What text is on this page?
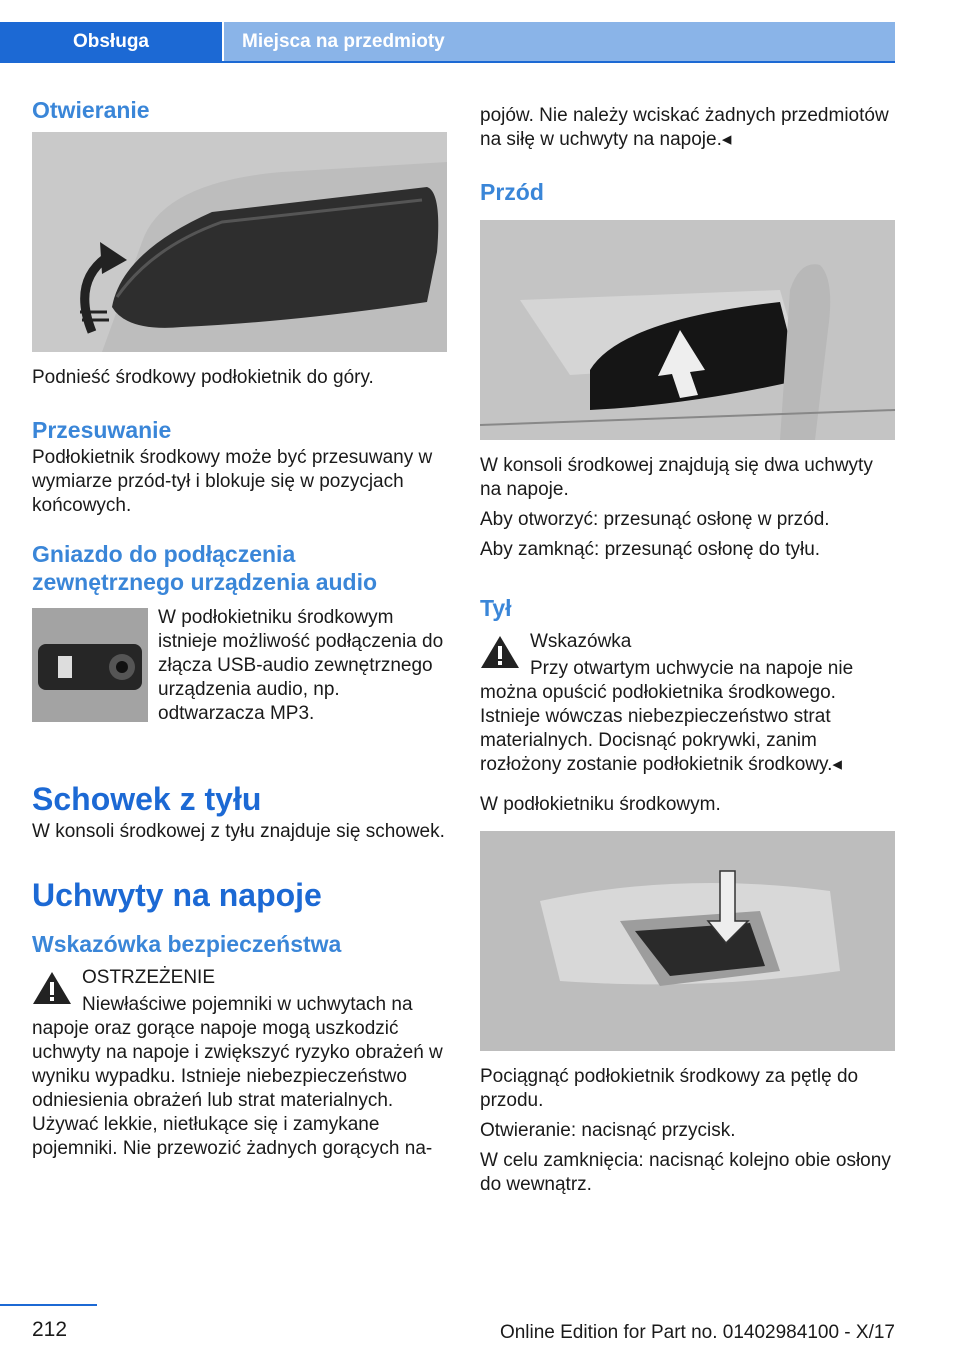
Obsługa	Miejsca na przedmioty
Otwieranie

Podnieść środkowy podłokietnik do góry.

Przesuwanie

Podłokietnik środkowy może być przesuwany w wymiarze przód-tył i blokuje się w pozycjach końcowych.

Gniazdo do podłączenia zewnętrznego urządzenia audio

W podłokietniku środkowym istnieje możliwość podłączenia do złącza USB-audio zewnętrznego urządzenia audio, np. odtwarzacza MP3.

Schowek z tyłu

W konsoli środkowej z tyłu znajduje się schowek.

Uchwyty na napoje
Wskazówka bezpieczeństwa

OSTRZEŻENIE

Niewłaściwe pojemniki w uchwytach na napoje oraz gorące napoje mogą uszkodzić uchwyty na napoje i zwiększyć ryzyko obrażeń w wyniku wypadku. Istnieje niebezpieczeństwo odniesienia obrażeń lub strat materialnych. Używać lekkie, nietłukące się i zamykane pojemniki. Nie przewozić żadnych gorących na-

pojów. Nie należy wciskać żadnych przedmiotów na siłę w uchwyty na napoje.◂

Przód

W konsoli środkowej znajdują się dwa uchwyty na napoje.

Aby otworzyć: przesunąć osłonę w przód.

Aby zamknąć: przesunąć osłonę do tyłu.

Tył

Wskazówka

Przy otwartym uchwycie na napoje nie można opuścić podłokietnika środkowego. Istnieje wówczas niebezpieczeństwo strat materialnych. Docisnąć pokrywki, zanim rozłożony zostanie podłokietnik środkowy.◂

W podłokietniku środkowym.

Pociągnąć podłokietnik środkowy za pętlę do przodu.

Otwieranie: nacisnąć przycisk.

W celu zamknięcia: nacisnąć kolejno obie osłony do wewnątrz.

212	Online Edition for Part no. 01402984100 - X/17
